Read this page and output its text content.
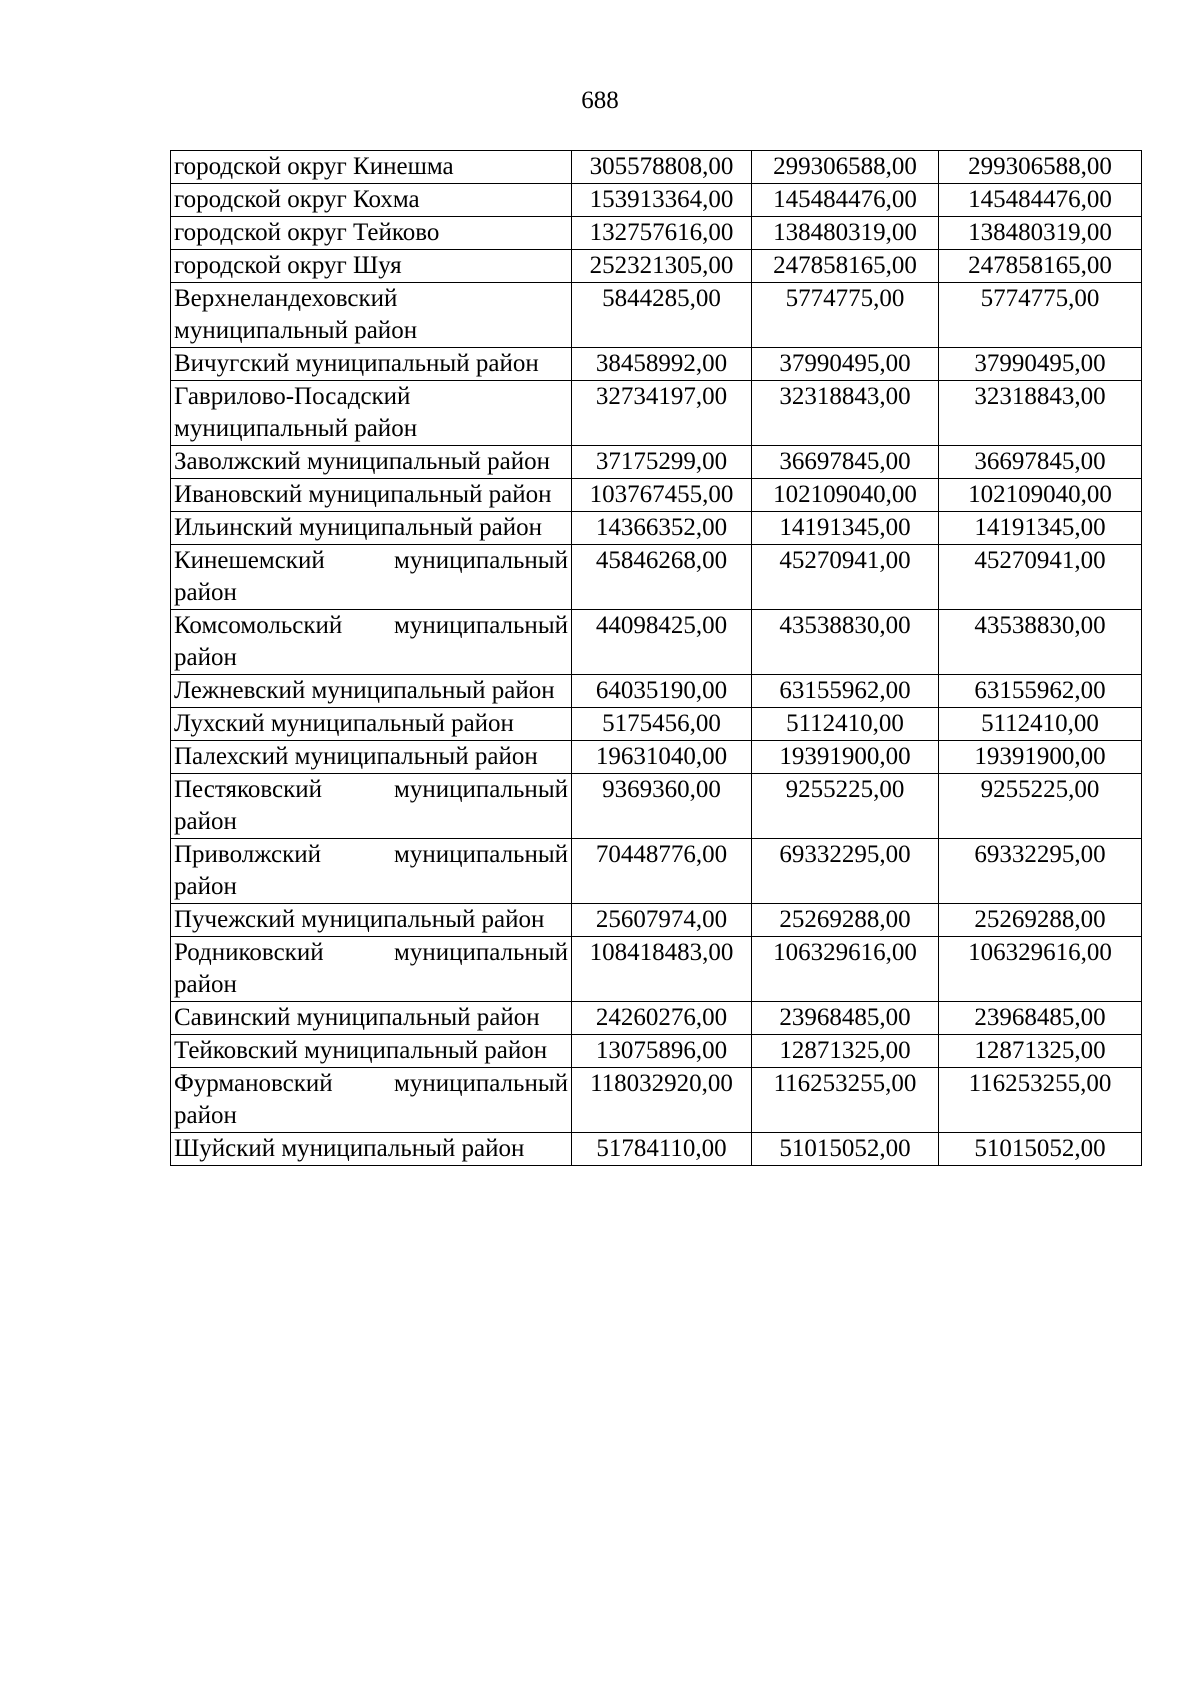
688
городской округ Кинешма	305578808,00	299306588,00	299306588,00
городской округ Кохма	153913364,00	145484476,00	145484476,00
городской округ Тейково	132757616,00	138480319,00	138480319,00
городской округ Шуя	252321305,00	247858165,00	247858165,00
Верхнеландеховский муниципальный район	5844285,00	5774775,00	5774775,00
Вичугский муниципальный район	38458992,00	37990495,00	37990495,00
Гаврилово-Посадский муниципальный район	32734197,00	32318843,00	32318843,00
Заволжский муниципальный район	37175299,00	36697845,00	36697845,00
Ивановский муниципальный район	103767455,00	102109040,00	102109040,00
Ильинский муниципальный район	14366352,00	14191345,00	14191345,00
Кинешемский муниципальный район	45846268,00	45270941,00	45270941,00
Комсомольский муниципальный район	44098425,00	43538830,00	43538830,00
Лежневский муниципальный район	64035190,00	63155962,00	63155962,00
Лухский муниципальный район	5175456,00	5112410,00	5112410,00
Палехский муниципальный район	19631040,00	19391900,00	19391900,00
Пестяковский муниципальный район	9369360,00	9255225,00	9255225,00
Приволжский муниципальный район	70448776,00	69332295,00	69332295,00
Пучежский муниципальный район	25607974,00	25269288,00	25269288,00
Родниковский муниципальный район	108418483,00	106329616,00	106329616,00
Савинский муниципальный район	24260276,00	23968485,00	23968485,00
Тейковский муниципальный район	13075896,00	12871325,00	12871325,00
Фурмановский муниципальный район	118032920,00	116253255,00	116253255,00
Шуйский муниципальный район	51784110,00	51015052,00	51015052,00
